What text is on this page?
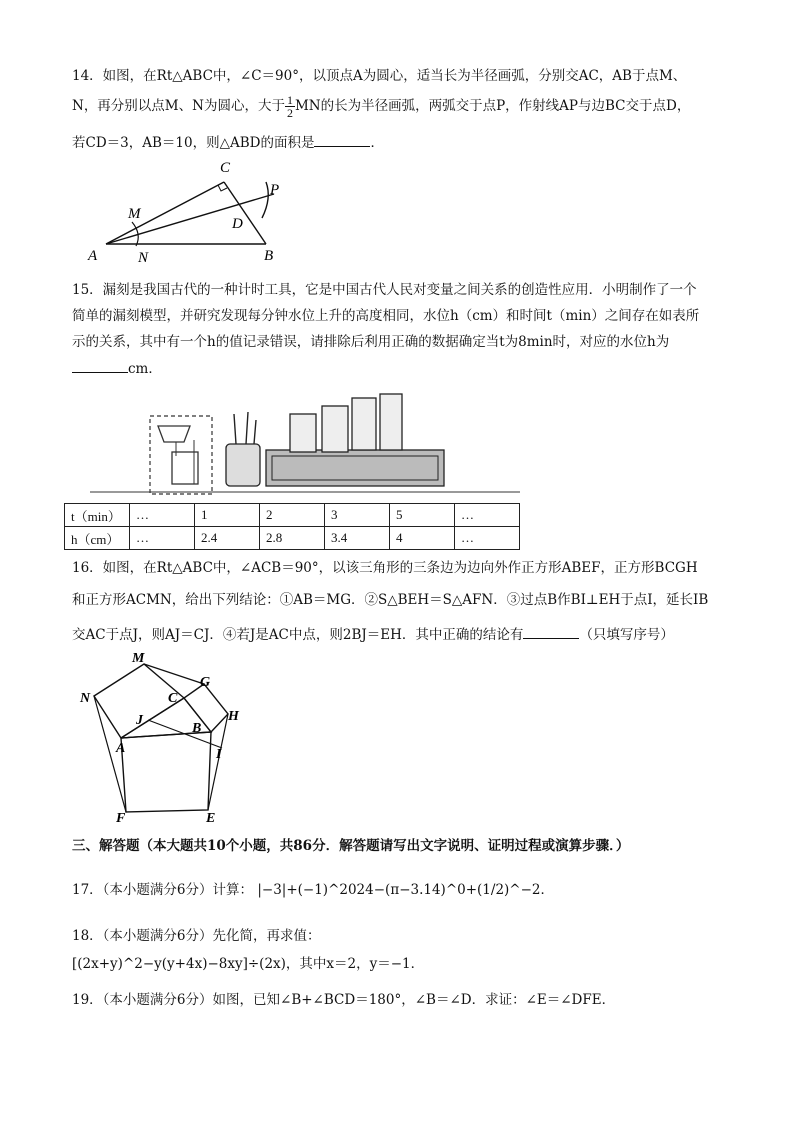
14．如图，在Rt△ABC中，∠C＝90°，以顶点A为圆心，适当长为半径画弧，分别交AC，AB于点M、
N，再分别以点M、N为圆心，大于 $\frac{1}{2}$ MN的长为半径画弧，两弧交于点P，作射线AP与边BC交于点D，
若CD＝3，AB＝10，则△ABD的面积是	．
A	B
C
D
M
N
P
15．漏刻是我国古代的一种计时工具，它是中国古代人民对变量之间关系的创造性应用．小明制作了一个
简单的漏刻模型，并研究发现每分钟水位上升的高度相同，水位h（cm）和时间t（min）之间存在如表所
示的关系，其中有一个h的值记录错误，请排除后利用正确的数据确定当t为8min时，对应的水位h为
cm．
t（min）	…	1	2	3	5	…
h（cm）	…	2.4	2.8	3.4	4	…
16．如图，在Rt△ABC中，∠ACB＝90°，以该三角形的三条边为边向外作正方形ABEF，正方形BCGH
和正方形ACMN，给出下列结论：①AB＝MG．②S△BEH＝S△AFN．③过点B作BI⊥EH于点I，延长IB
交AC于点J，则AJ＝CJ．④若J是AC中点，则2BJ＝EH．其中正确的结论有	（只填写序号）
M
G
N	C
H
J
B
A	I
F	E
三、解答题（本大题共10个小题，共86分．解答题请写出文字说明、证明过程或演算步骤．）
17．（本小题满分6分）计算： |−3|+(−1)^2024−(π−3.14)^0+(1/2)^−2．
18．（本小题满分6分）先化简，再求值：
[(2x+y)^2−y(y+4x)−8xy]÷(2x)，其中x＝2，y＝−1．
19．（本小题满分6分）如图，已知∠B+∠BCD＝180°，∠B＝∠D．求证：∠E＝∠DFE．
